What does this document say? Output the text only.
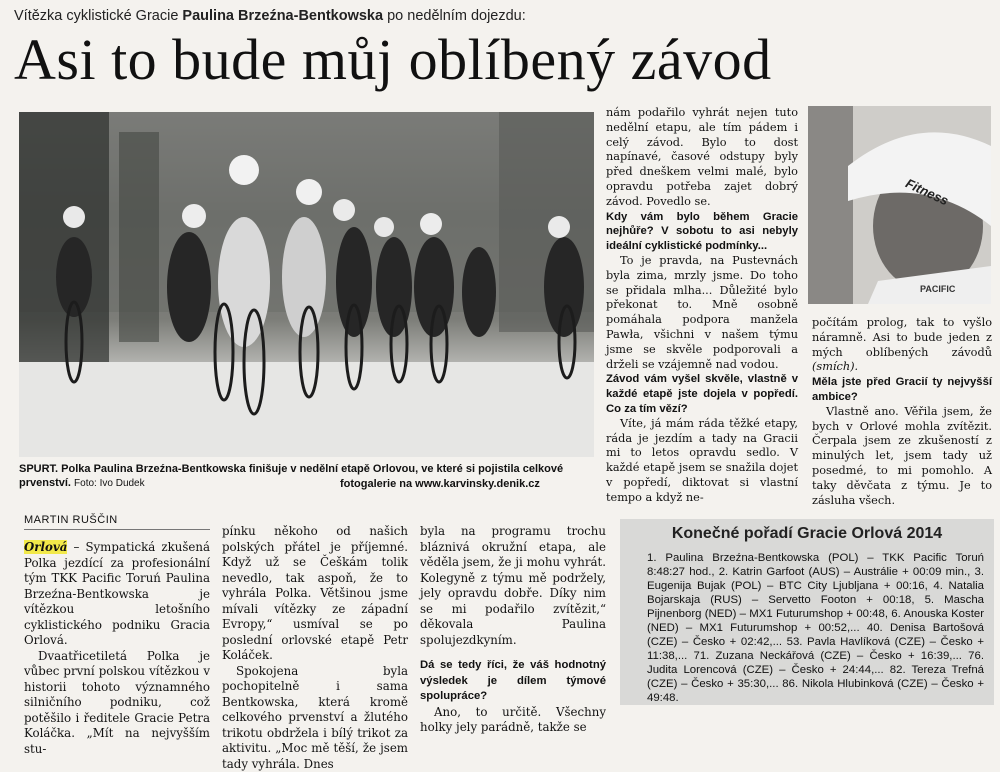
Vítězka cyklistické Gracie Paulina Brzeźna-Bentkowska po nedělním dojezdu:
Asi to bude můj oblíbený závod
Fitness
PACIFIC
SPURT. Polka Paulina Brzeźna-Bentkowska finišuje v nedělní etapě Orlovou, ve které si pojistila celkové prvenství. Foto: Ivo Dudek	fotogalerie na www.karvinsky.denik.cz
MARTIN RUŠČIN

Orlová – Sympatická zkušená Polka jezdící za profesionální tým TKK Pacific Toruń Paulina Brzeźna-Bentkowska je vítězkou letošního cyklistického podniku Gracia Orlová.

Dvaatřicetiletá Polka je vůbec první polskou vítězkou v historii tohoto významného silničního podniku, což potěšilo i ředitele Gracie Petra Koláčka. „Mít na nejvyšším stu-

pínku někoho od našich polských přátel je příjemné. Když už se Češkám tolik nevedlo, tak aspoň, že to vyhrála Polka. Většinou jsme mívali vítězky ze západní Evropy,“ usmíval se po poslední orlovské etapě Petr Koláček.

Spokojena byla pochopitelně i sama Bentkowska, která kromě celkového prvenství a žlutého trikotu obdržela i bílý trikot za aktivitu. „Moc mě těší, že jsem tady vyhrála. Dnes

byla na programu trochu bláznivá okružní etapa, ale věděla jsem, že ji mohu vyhrát. Kolegyně z týmu mě podržely, jely opravdu dobře. Díky nim se mi podařilo zvítězit,“ děkovala Paulina spolujezdkyním.

Dá se tedy říci, že váš hodnotný výsledek je dílem týmové spolupráce?

Ano, to určitě. Všechny holky jely parádně, takže se

nám podařilo vyhrát nejen tuto nedělní etapu, ale tím pádem i celý závod. Bylo to dost napínavé, časové odstupy byly před dneškem velmi malé, bylo opravdu potřeba zajet dobrý závod. Povedlo se.

Kdy vám bylo během Gracie nejhůře? V sobotu to asi nebyly ideální cyklistické podmínky...

To je pravda, na Pustevnách byla zima, mrzly jsme. Do toho se přidala mlha... Důležité bylo překonat to. Mně osobně pomáhala podpora manžela Pawła, všichni v našem týmu jsme se skvěle podporovali a drželi se vzájemně nad vodou.

Závod vám vyšel skvěle, vlastně v každé etapě jste dojela v popředí. Co za tím vězí?

Víte, já mám ráda těžké etapy, ráda je jezdím a tady na Gracii mi to letos opravdu sedlo. V každé etapě jsem se snažila dojet v popředí, diktovat si vlastní tempo a když ne-

počítám prolog, tak to vyšlo náramně. Asi to bude jeden z mých oblíbených závodů (smích).

Měla jste před Gracií ty nejvyšší ambice?

Vlastně ano. Věřila jsem, že bych v Orlové mohla zvítězit. Čerpala jsem ze zkušeností z minulých let, jsem tady už posedmé, to mi pomohlo. A taky děvčata z týmu. Je to zásluha všech.

Konečné pořadí Gracie Orlová 2014
1. Paulina Brzeźna-Bentkowska (POL) – TKK Pacific Toruń 8:48:27 hod., 2. Katrin Garfoot (AUS) – Austrálie + 00:09 min., 3. Eugenija Bujak (POL) – BTC City Ljubljana + 00:16, 4. Natalia Bojarskaja (RUS) – Servetto Footon + 00:18, 5. Mascha Pijnenborg (NED) – MX1 Futurumshop + 00:48, 6. Anouska Koster (NED) – MX1 Futurumshop + 00:52,... 40. Denisa Bartošová (CZE) – Česko + 02:42,... 53. Pavla Havlíková (CZE) – Česko + 11:38,... 71. Zuzana Neckářová (CZE) – Česko + 16:39,... 76. Judita Lorencová (CZE) – Česko + 24:44,... 82. Tereza Trefná (CZE) – Česko + 35:30,... 86. Nikola Hlubinková (CZE) – Česko + 49:48.
